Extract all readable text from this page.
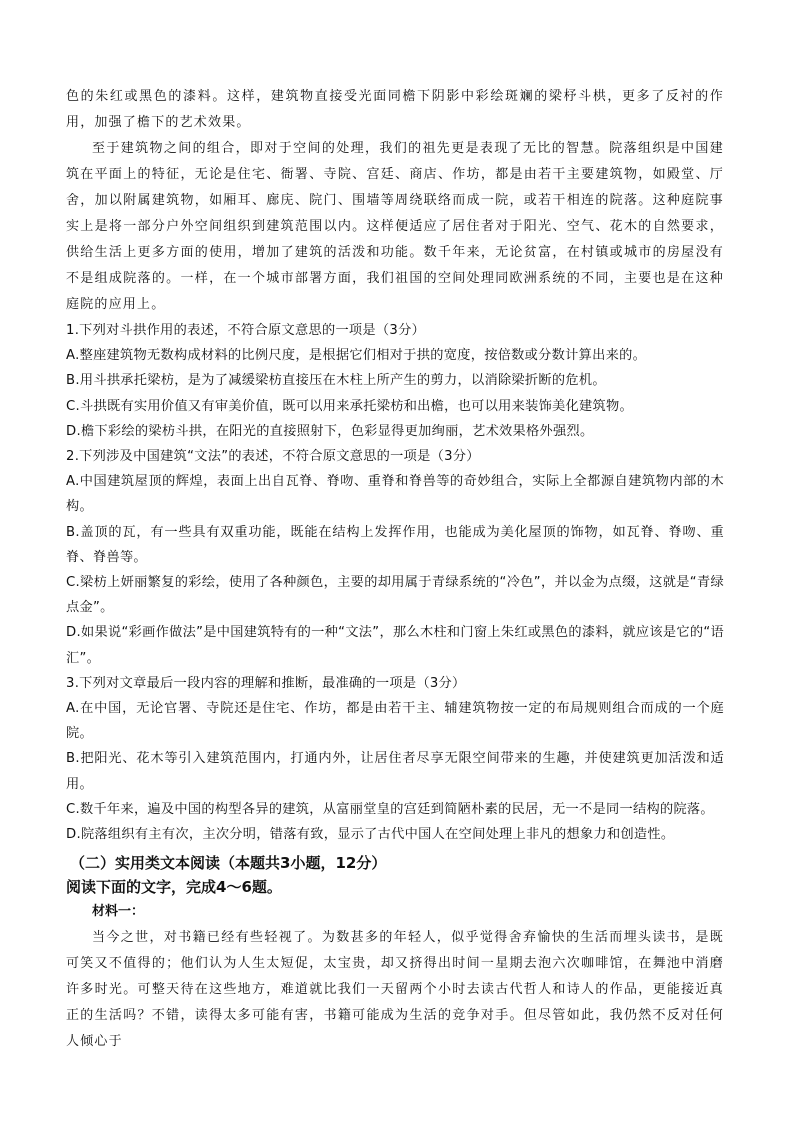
色的朱红或黑色的漆料。这样，建筑物直接受光面同檐下阴影中彩绘斑斓的梁杼斗栱，更多了反衬的作用，加强了檐下的艺术效果。

至于建筑物之间的组合，即对于空间的处理，我们的祖先更是表现了无比的智慧。院落组织是中国建筑在平面上的特征，无论是住宅、衙署、寺院、宫廷、商店、作坊，都是由若干主要建筑物，如殿堂、厅舍，加以附属建筑物，如厢耳、廊庑、院门、围墙等周绕联络而成一院，或若干相连的院落。这种庭院事实上是将一部分户外空间组织到建筑范围以内。这样便适应了居住者对于阳光、空气、花木的自然要求，供给生活上更多方面的使用，增加了建筑的活泼和功能。数千年来，无论贫富，在村镇或城市的房屋没有不是组成院落的。一样，在一个城市部署方面，我们祖国的空间处理同欧洲系统的不同，主要也是在这种庭院的应用上。

1.下列对斗拱作用的表述，不符合原文意思的一项是（3分）

A.整座建筑物无数构成材料的比例尺度，是根据它们相对于拱的宽度，按倍数或分数计算出来的。

B.用斗拱承托梁枋，是为了减缓梁枋直接压在木柱上所产生的剪力，以消除梁折断的危机。

C.斗拱既有实用价值又有审美价值，既可以用来承托梁枋和出檐，也可以用来装饰美化建筑物。

D.檐下彩绘的梁枋斗拱，在阳光的直接照射下，色彩显得更加绚丽，艺术效果格外强烈。

2.下列涉及中国建筑“文法”的表述，不符合原文意思的一项是（3分）

A.中国建筑屋顶的辉煌，表面上出自瓦脊、脊吻、重脊和脊兽等的奇妙组合，实际上全都源自建筑物内部的木构。

B.盖顶的瓦，有一些具有双重功能，既能在结构上发挥作用，也能成为美化屋顶的饰物，如瓦脊、脊吻、重脊、脊兽等。

C.梁枋上妍丽繁复的彩绘，使用了各种颜色，主要的却用属于青绿系统的“冷色”，并以金为点缀，这就是“青绿点金”。

D.如果说“彩画作做法”是中国建筑特有的一种“文法”，那么木柱和门窗上朱红或黑色的漆料，就应该是它的“语汇”。

3.下列对文章最后一段内容的理解和推断，最准确的一项是（3分）

A.在中国，无论官署、寺院还是住宅、作坊，都是由若干主、辅建筑物按一定的布局规则组合而成的一个庭院。

B.把阳光、花木等引入建筑范围内，打通内外，让居住者尽享无限空间带来的生趣，并使建筑更加活泼和适用。

C.数千年来，遍及中国的构型各异的建筑，从富丽堂皇的宫廷到简陋朴素的民居，无一不是同一结构的院落。

D.院落组织有主有次，主次分明，错落有致，显示了古代中国人在空间处理上非凡的想象力和创造性。

（二）实用类文本阅读（本题共3小题，12分）

阅读下面的文字，完成4～6题。

材料一：

当今之世，对书籍已经有些轻视了。为数甚多的年轻人，似乎觉得舍弃愉快的生活而埋头读书，是既可笑又不值得的；他们认为人生太短促，太宝贵，却又挤得出时间一星期去泡六次咖啡馆，在舞池中消磨许多时光。可整天待在这些地方，难道就比我们一天留两个小时去读古代哲人和诗人的作品，更能接近真正的生活吗？不错，读得太多可能有害，书籍可能成为生活的竞争对手。但尽管如此，我仍然不反对任何人倾心于
